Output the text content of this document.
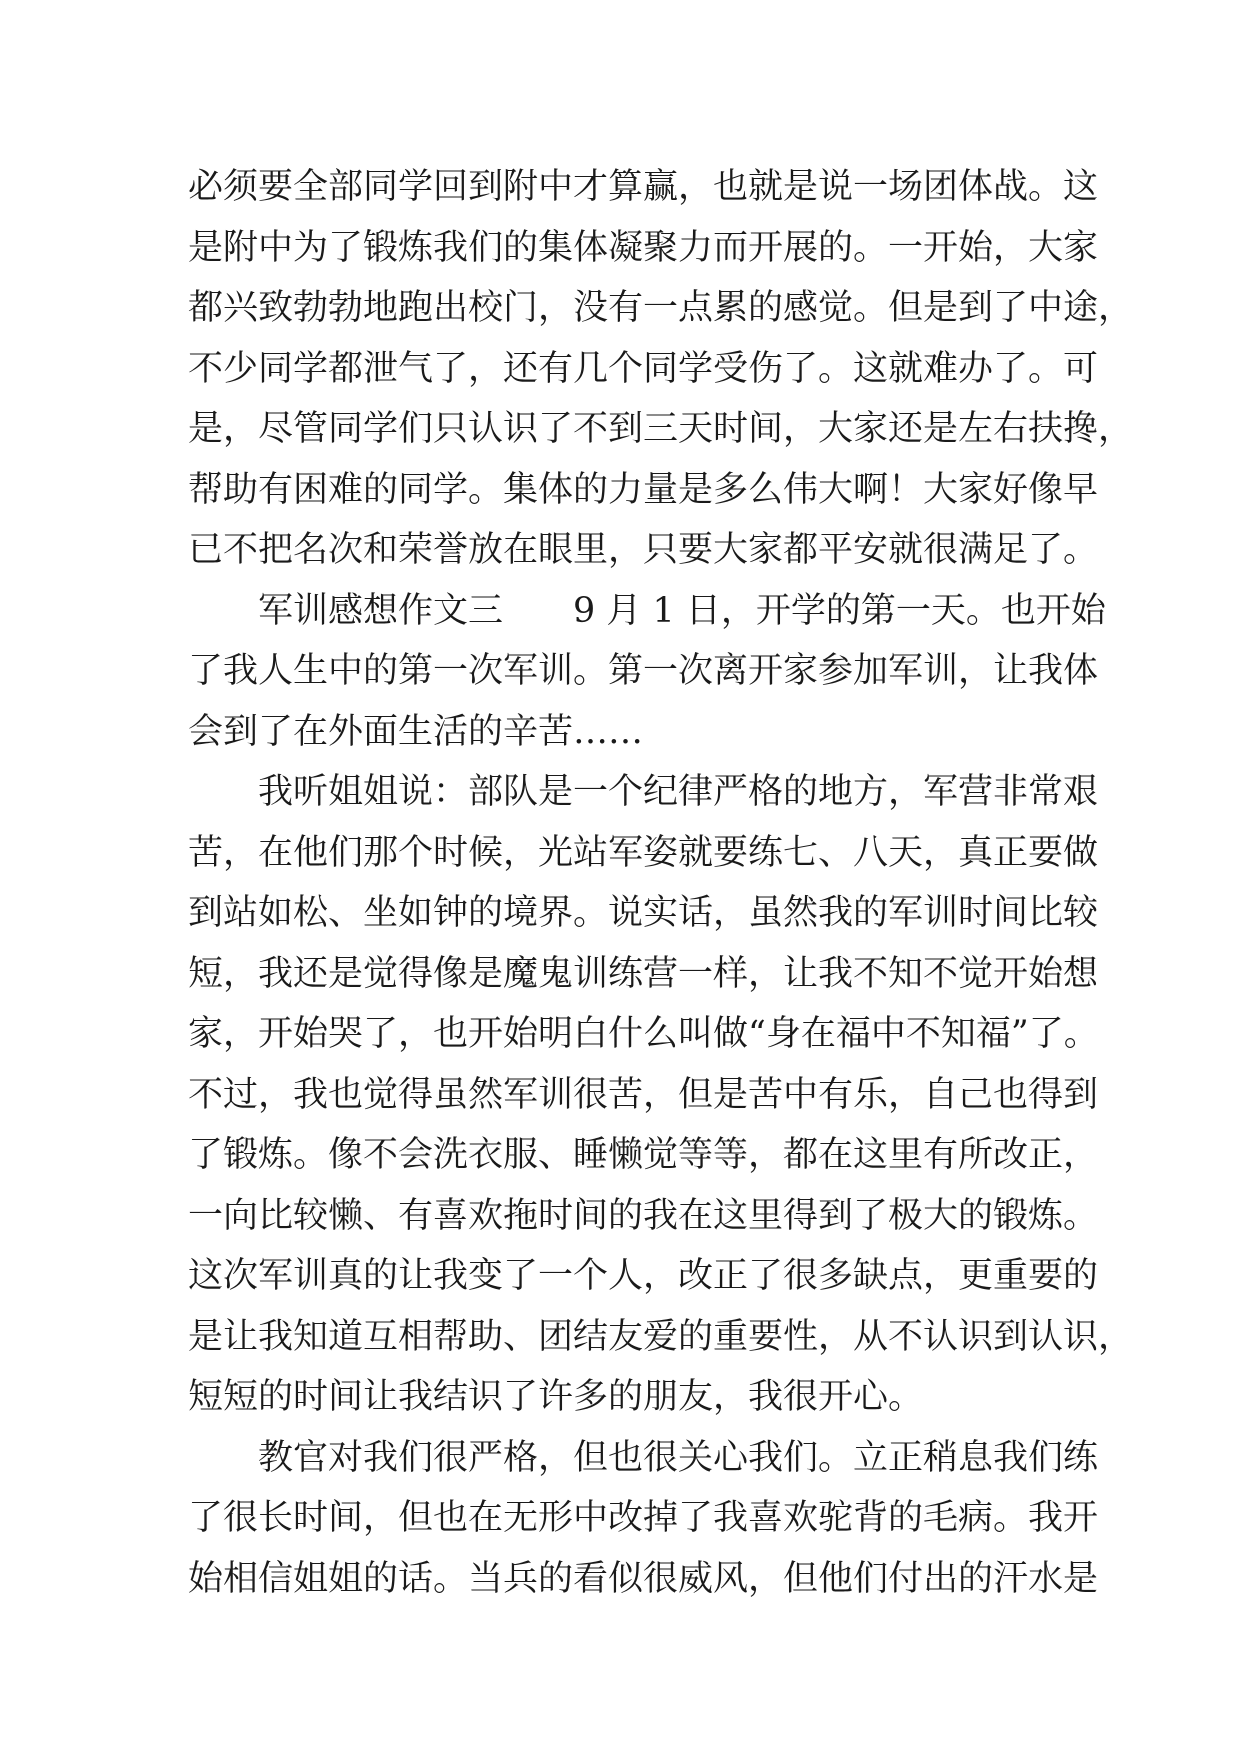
必须要全部同学回到附中才算赢，也就是说一场团体战。这
是附中为了锻炼我们的集体凝聚力而开展的。一开始，大家
都兴致勃勃地跑出校门，没有一点累的感觉。但是到了中途，
不少同学都泄气了，还有几个同学受伤了。这就难办了。可
是，尽管同学们只认识了不到三天时间，大家还是左右扶搀，
帮助有困难的同学。集体的力量是多么伟大啊！大家好像早
已不把名次和荣誉放在眼里，只要大家都平安就很满足了。
军训感想作文三　　9 月 1 日，开学的第一天。也开始
了我人生中的第一次军训。第一次离开家参加军训，让我体
会到了在外面生活的辛苦……
我听姐姐说：部队是一个纪律严格的地方，军营非常艰
苦，在他们那个时候，光站军姿就要练七、八天，真正要做
到站如松、坐如钟的境界。说实话，虽然我的军训时间比较
短，我还是觉得像是魔鬼训练营一样，让我不知不觉开始想
家，开始哭了，也开始明白什么叫做“身在福中不知福”了。
不过，我也觉得虽然军训很苦，但是苦中有乐，自己也得到
了锻炼。像不会洗衣服、睡懒觉等等，都在这里有所改正，
一向比较懒、有喜欢拖时间的我在这里得到了极大的锻炼。
这次军训真的让我变了一个人，改正了很多缺点，更重要的
是让我知道互相帮助、团结友爱的重要性，从不认识到认识，
短短的时间让我结识了许多的朋友，我很开心。
教官对我们很严格，但也很关心我们。立正稍息我们练
了很长时间，但也在无形中改掉了我喜欢驼背的毛病。我开
始相信姐姐的话。当兵的看似很威风，但他们付出的汗水是
